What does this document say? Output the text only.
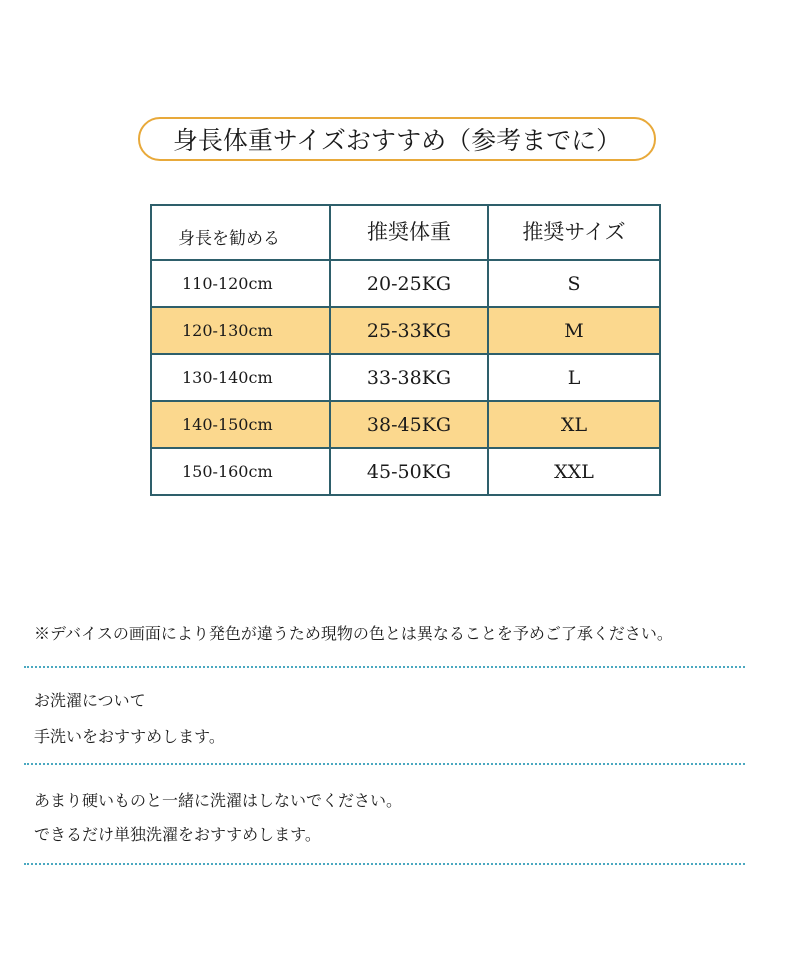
身長体重サイズおすすめ（参考までに）
身長を勧める	推奨体重	推奨サイズ
110-120cm	20-25KG	S
120-130cm	25-33KG	M
130-140cm	33-38KG	L
140-150cm	38-45KG	XL
150-160cm	45-50KG	XXL
※デバイスの画面により発色が違うため現物の色とは異なることを予めご了承ください。
お洗濯について
手洗いをおすすめします。
あまり硬いものと一緒に洗濯はしないでください。
できるだけ単独洗濯をおすすめします。
